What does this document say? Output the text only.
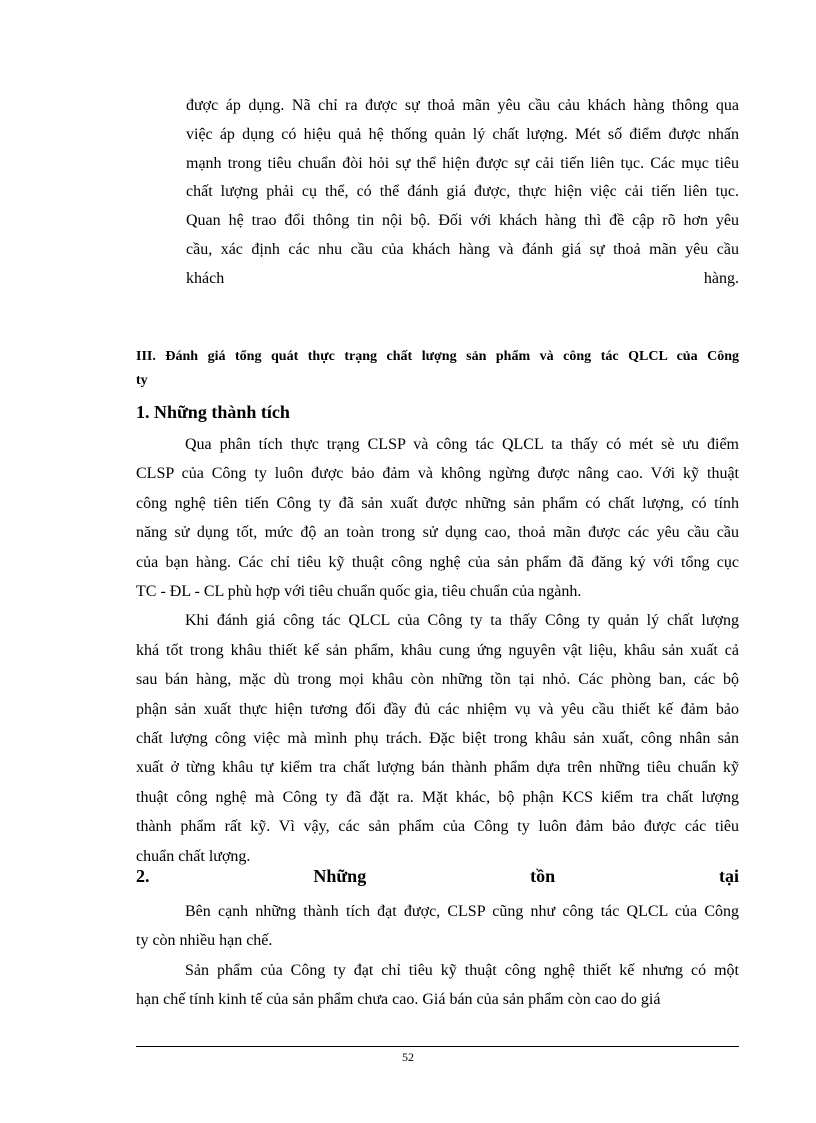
được áp dụng. Nã chỉ ra được sự thoả mãn yêu cầu cảu khách hàng thông qua
việc áp dụng có hiệu quả hệ thống quản lý chất lượng. Mét số điểm được nhấn
mạnh trong tiêu chuẩn đòi hỏi sự thể hiện được sự cải tiến liên tục. Các mục tiêu
chất lượng phải cụ thể, có thể đánh giá được, thực hiện việc cải tiến liên tục.
Quan hệ trao đổi thông tin nội bộ. Đối với khách hàng thì đề cập rõ hơn yêu
cầu, xác định các nhu cầu của khách hàng và đánh giá sự thoả mãn yêu cầu
khách	hàng.
III. Đánh giá tổng quát thực trạng chất lượng sản phẩm và công tác QLCL của Công
ty
1. Những thành tích
Qua phân tích thực trạng CLSP và công tác QLCL ta thấy có mét sè ưu điểm
CLSP của Công ty luôn được bảo đảm và không ngừng được nâng cao. Với kỹ thuật
công nghệ tiên tiến Công ty đã sản xuất được những sản phẩm có chất lượng, có tính
năng sử dụng tốt, mức độ an toàn trong sử dụng cao, thoả mãn được các yêu cầu cầu
của bạn hàng. Các chỉ tiêu kỹ thuật công nghệ của sản phẩm đã đăng ký với tổng cục
TC - ĐL - CL phù hợp với tiêu chuẩn quốc gia, tiêu chuẩn của ngành.
Khi đánh giá công tác QLCL của Công ty ta thấy Công ty quản lý chất lượng
khá tốt trong khâu thiết kế sản phẩm, khâu cung ứng nguyên vật liệu, khâu sản xuất cả
sau bán hàng, mặc dù trong mọi khâu còn những tồn tại nhỏ. Các phòng ban, các bộ
phận sản xuất thực hiện tương đối đầy đủ các nhiệm vụ và yêu cầu thiết kế đảm bảo
chất lượng công việc mà mình phụ trách. Đặc biệt trong khâu sản xuất, công nhân sản
xuất ở từng khâu tự kiểm tra chất lượng bán thành phẩm dựa trên những tiêu chuẩn kỹ
thuật công nghệ mà Công ty đã đặt ra. Mặt khác, bộ phận KCS kiểm tra chất lượng
thành phẩm rất kỹ. Vì vậy, các sản phẩm của Công ty luôn đảm bảo được các tiêu
chuẩn chất lượng.
2.	Những	tồn	tại
Bên cạnh những thành tích đạt được, CLSP cũng như công tác QLCL của Công
ty còn nhiều hạn chế.
Sản phẩm của Công ty đạt chỉ tiêu kỹ thuật công nghệ thiết kế nhưng có một
hạn chế tính kinh tế của sản phẩm chưa cao. Giá bán của sản phẩm còn cao do giá
52
